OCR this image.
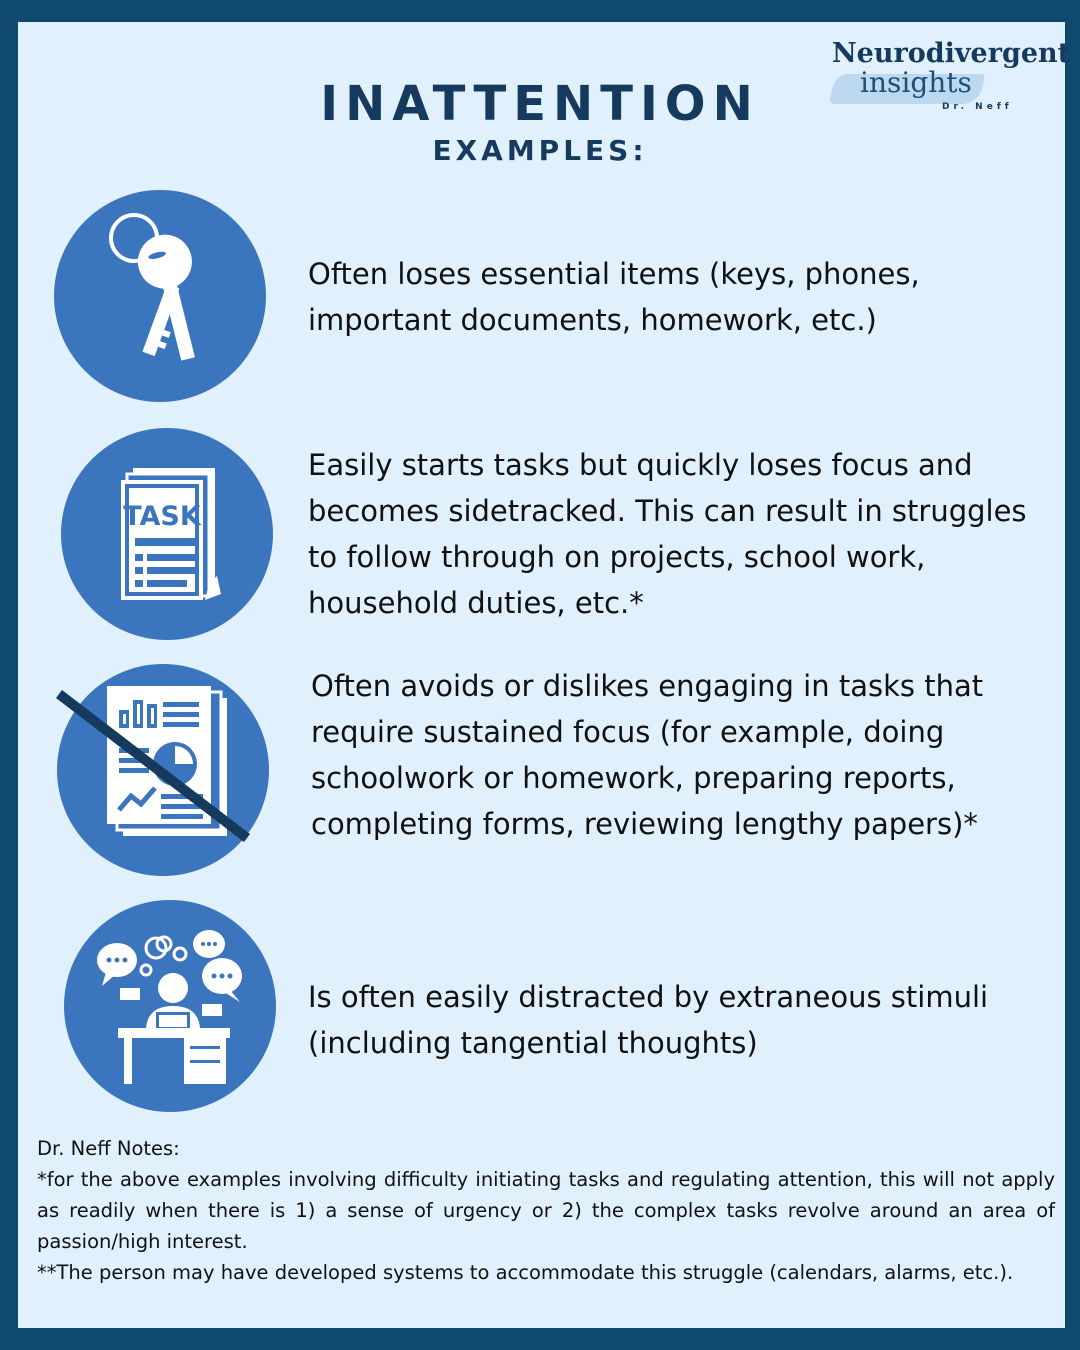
Neurodivergent
insights
Dr. Neff
INATTENTION
EXAMPLES:
Often loses essential items (keys, phones, important documents, homework, etc.)
TASK
Easily starts tasks but quickly loses focus and becomes sidetracked. This can result in struggles to follow through on projects, school work, household duties, etc.*
Often avoids or dislikes engaging in tasks that require sustained focus (for example, doing schoolwork or homework, preparing reports, completing forms, reviewing lengthy papers)*
Is often easily distracted by extraneous stimuli (including tangential thoughts)

Dr. Neff Notes:

*for the above examples involving difficulty initiating tasks and regulating attention, this will not apply as readily when there is 1) a sense of urgency or 2) the complex tasks revolve around an area of passion/high interest.

**The person may have developed systems to accommodate this struggle (calendars, alarms, etc.).
